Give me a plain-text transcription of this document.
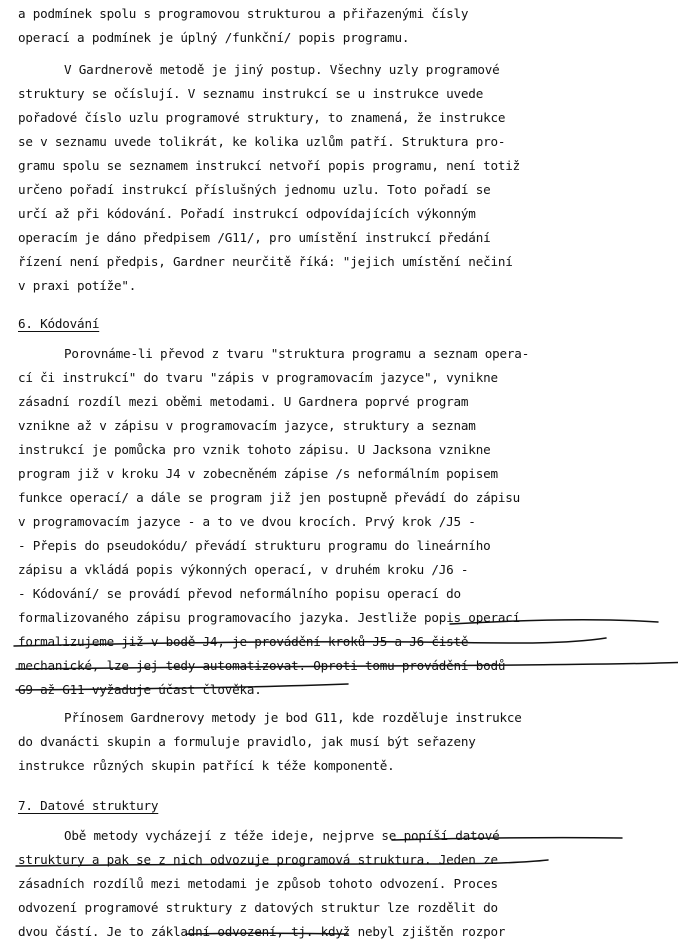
a podmínek spolu s programovou strukturou a přiřazenými čísly
operací a podmínek je úplný /funkční/ popis programu.
V Gardnerově metodě je jiný postup. Všechny uzly programové
struktury se očíslují. V seznamu instrukcí se u instrukce uvede
pořadové číslo uzlu programové struktury, to znamená, že instrukce
se v seznamu uvede tolikrát, ke kolika uzlům patří. Struktura pro-
gramu spolu se seznamem instrukcí netvoří popis programu, není totiž
určeno pořadí instrukcí příslušných jednomu uzlu. Toto pořadí se
určí až při kódování. Pořadí instrukcí odpovídajících výkonným
operacím je dáno předpisem /G11/, pro umístění instrukcí předání
řízení není předpis, Gardner neurčitě říká: "jejich umístění nečiní
v praxi potíže".
6. Kódování
Porovnáme-li převod z tvaru "struktura programu a seznam opera-
cí či instrukcí" do tvaru "zápis v programovacím jazyce", vynikne
zásadní rozdíl mezi oběmi metodami. U Gardnera poprvé program
vznikne až v zápisu v programovacím jazyce, struktury a seznam
instrukcí je pomůcka pro vznik tohoto zápisu. U Jacksona vznikne
program již v kroku J4 v zobecněném zápise /s neformálním popisem
funkce operací/ a dále se program již jen postupně převádí do zápisu
v programovacím jazyce - a to ve dvou krocích. Prvý krok /J5 -
- Přepis do pseudokódu/ převádí strukturu programu do lineárního
zápisu a vkládá popis výkonných operací, v druhém kroku /J6 -
- Kódování/ se provádí převod neformálního popisu operací do
formalizovaného zápisu programovacího jazyka. Jestliže popis operací
formalizujeme již v bodě J4, je provádění kroků J5 a J6 čistě
mechanické, lze jej tedy automatizovat. Oproti tomu provádění bodů
G9 až G11 vyžaduje účast člověka.
Přínosem Gardnerovy metody je bod G11, kde rozděluje instrukce
do dvanácti skupin a formuluje pravidlo, jak musí být seřazeny
instrukce různých skupin patřící k téže komponentě.
7. Datové struktury
Obě metody vycházejí z téže ideje, nejprve se popíší datové
struktury a pak se z nich odvozuje programová struktura. Jeden ze
zásadních rozdílů mezi metodami je způsob tohoto odvození. Proces
odvození programové struktury z datových struktur lze rozdělit do
dvou částí. Je to základní odvození, tj. když nebyl zjištěn rozpor
